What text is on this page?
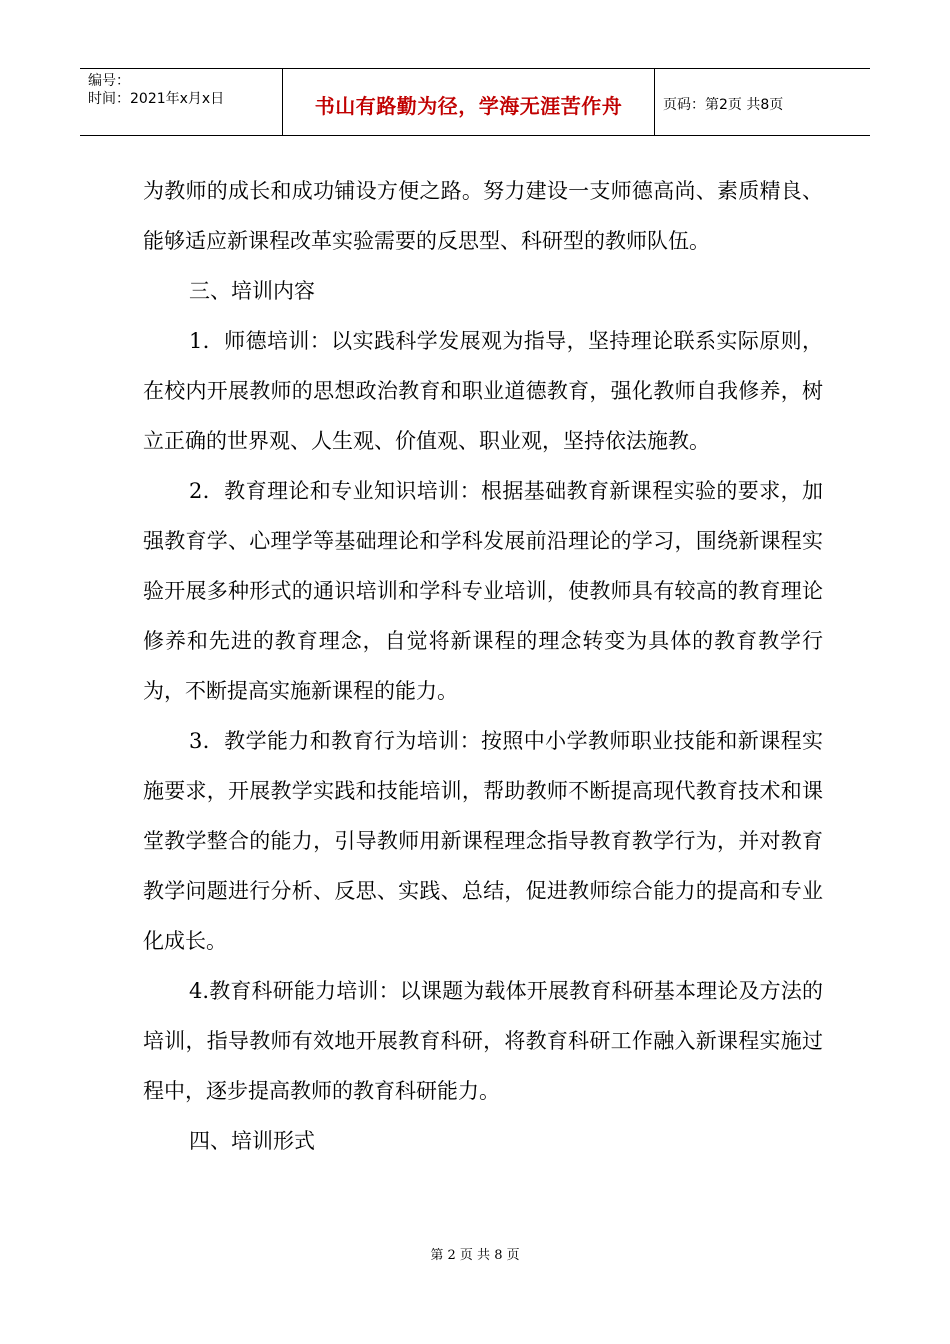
编号：
时间：2021年x月x日	书山有路勤为径，学海无涯苦作舟	页码：第2页 共8页

为教师的成长和成功铺设方便之路。努力建设一支师德高尚、素质精良、能够适应新课程改革实验需要的反思型、科研型的教师队伍。

三、培训内容

1．师德培训：以实践科学发展观为指导，坚持理论联系实际原则，在校内开展教师的思想政治教育和职业道德教育，强化教师自我修养，树立正确的世界观、人生观、价值观、职业观，坚持依法施教。

2．教育理论和专业知识培训：根据基础教育新课程实验的要求，加强教育学、心理学等基础理论和学科发展前沿理论的学习，围绕新课程实验开展多种形式的通识培训和学科专业培训，使教师具有较高的教育理论修养和先进的教育理念，自觉将新课程的理念转变为具体的教育教学行为，不断提高实施新课程的能力。

3．教学能力和教育行为培训：按照中小学教师职业技能和新课程实施要求，开展教学实践和技能培训，帮助教师不断提高现代教育技术和课堂教学整合的能力，引导教师用新课程理念指导教育教学行为，并对教育教学问题进行分析、反思、实践、总结，促进教师综合能力的提高和专业化成长。

4.教育科研能力培训：以课题为载体开展教育科研基本理论及方法的培训，指导教师有效地开展教育科研，将教育科研工作融入新课程实施过程中，逐步提高教师的教育科研能力。

四、培训形式

第 2 页 共 8 页
